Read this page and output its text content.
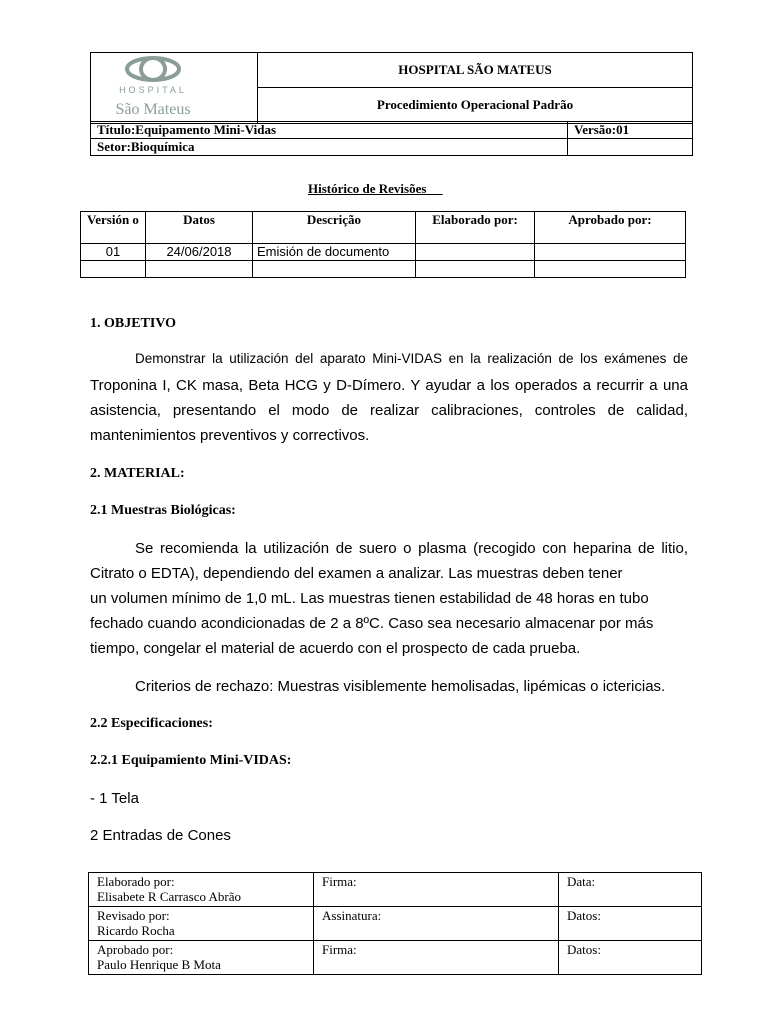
HOSPITAL
São Mateus
	HOSPITAL SÃO MATEUS
Procedimiento Operacional Padrão
Título:Equipamento Mini-Vidas	Versão:01
Setor:Bioquímica	
Histórico de Revisões
Versión o	Datos	Descrição	Elaborado por:	Aprobado por:
01	24/06/2018	Emisión de documento		

1. OBJETIVO
Demonstrar la utilización del aparato Mini-VIDAS en la realización de los exámenes de
Troponina I, CK masa, Beta HCG y D-Dímero. Y ayudar a los operados a recurrir a una
asistencia, presentando el modo de realizar calibraciones, controles de calidad,
mantenimientos preventivos y correctivos.
2. MATERIAL:
2.1 Muestras Biológicas:
Se recomienda la utilización de suero o plasma (recogido con heparina de litio,
Citrato o EDTA), dependiendo del examen a analizar. Las muestras deben tener
un volumen mínimo de 1,0 mL. Las muestras tienen estabilidad de 48 horas en tubo
fechado cuando acondicionadas de 2 a 8ºC. Caso sea necesario almacenar por más
tiempo, congelar el material de acuerdo con el prospecto de cada prueba.
Criterios de rechazo: Muestras visiblemente hemolisadas, lipémicas o ictericias.
2.2 Especificaciones:
2.2.1 Equipamiento Mini-VIDAS:
- 1 Tela
2 Entradas de Cones
Elaborado por:
Elisabete R Carrasco Abrão	Firma:	Data:

Revisado por:
Ricardo Rocha	Assinatura:	Datos:

Aprobado por:
Paulo Henrique B Mota	Firma:	Datos:
